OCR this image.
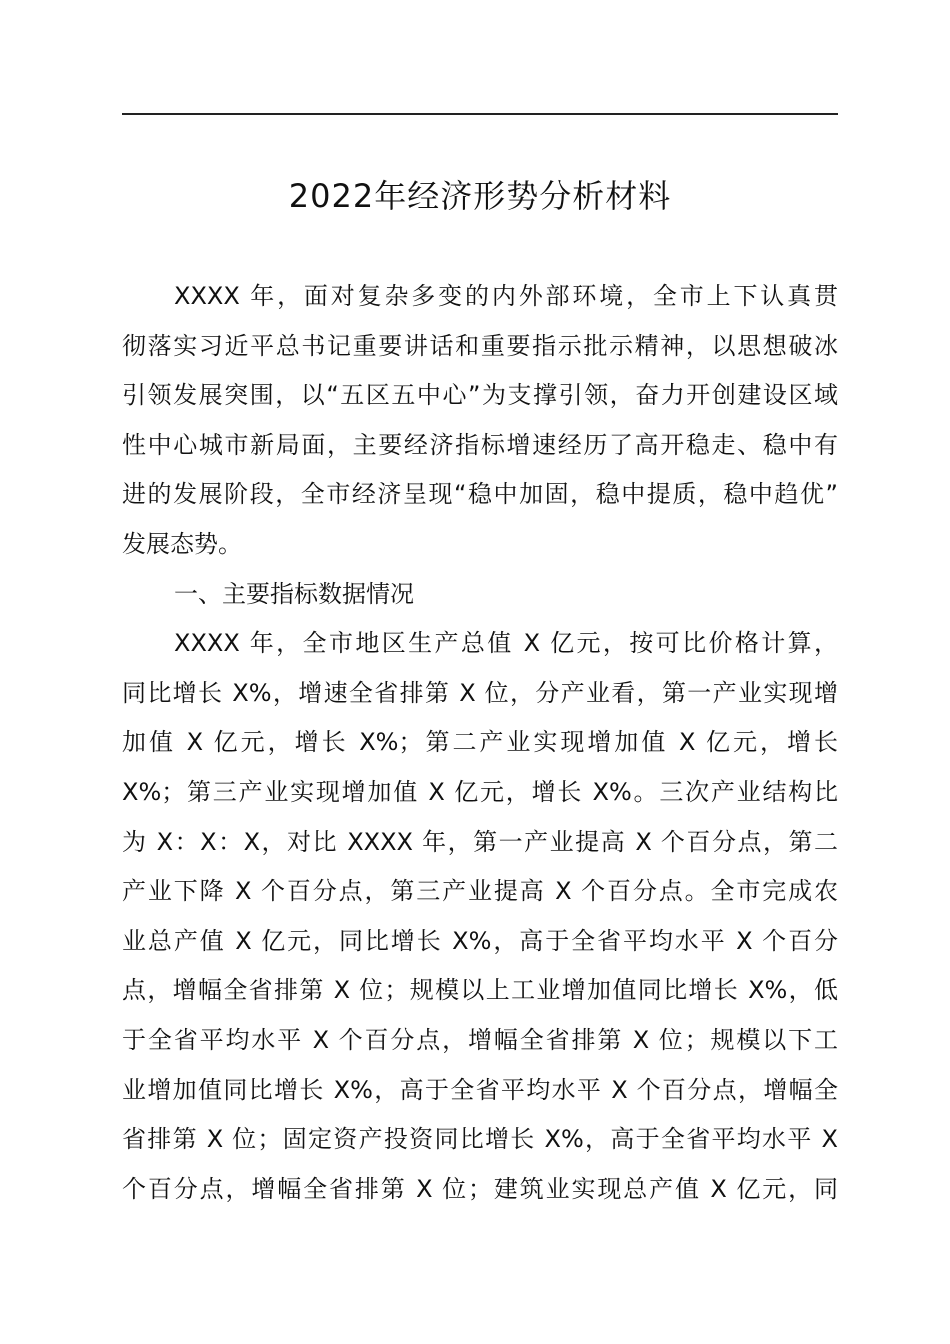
2022年经济形势分析材料
XXXX 年，面对复杂多变的内外部环境，全市上下认真贯
彻落实习近平总书记重要讲话和重要指示批示精神，以思想破冰
引领发展突围，以“五区五中心”为支撑引领，奋力开创建设区域
性中心城市新局面，主要经济指标增速经历了高开稳走、稳中有
进的发展阶段，全市经济呈现“稳中加固，稳中提质，稳中趋优”
发展态势。
一、主要指标数据情况
XXXX 年，全市地区生产总值 X 亿元，按可比价格计算，
同比增长 X%，增速全省排第 X 位，分产业看，第一产业实现增
加值 X 亿元，增长 X%；第二产业实现增加值 X 亿元，增长
X%；第三产业实现增加值 X 亿元，增长 X%。三次产业结构比
为 X：X：X，对比 XXXX 年，第一产业提高 X 个百分点，第二
产业下降 X 个百分点，第三产业提高 X 个百分点。全市完成农
业总产值 X 亿元，同比增长 X%，高于全省平均水平 X 个百分
点，增幅全省排第 X 位；规模以上工业增加值同比增长 X%，低
于全省平均水平 X 个百分点，增幅全省排第 X 位；规模以下工
业增加值同比增长 X%，高于全省平均水平 X 个百分点，增幅全
省排第 X 位；固定资产投资同比增长 X%，高于全省平均水平 X
个百分点，增幅全省排第 X 位；建筑业实现总产值 X 亿元，同
